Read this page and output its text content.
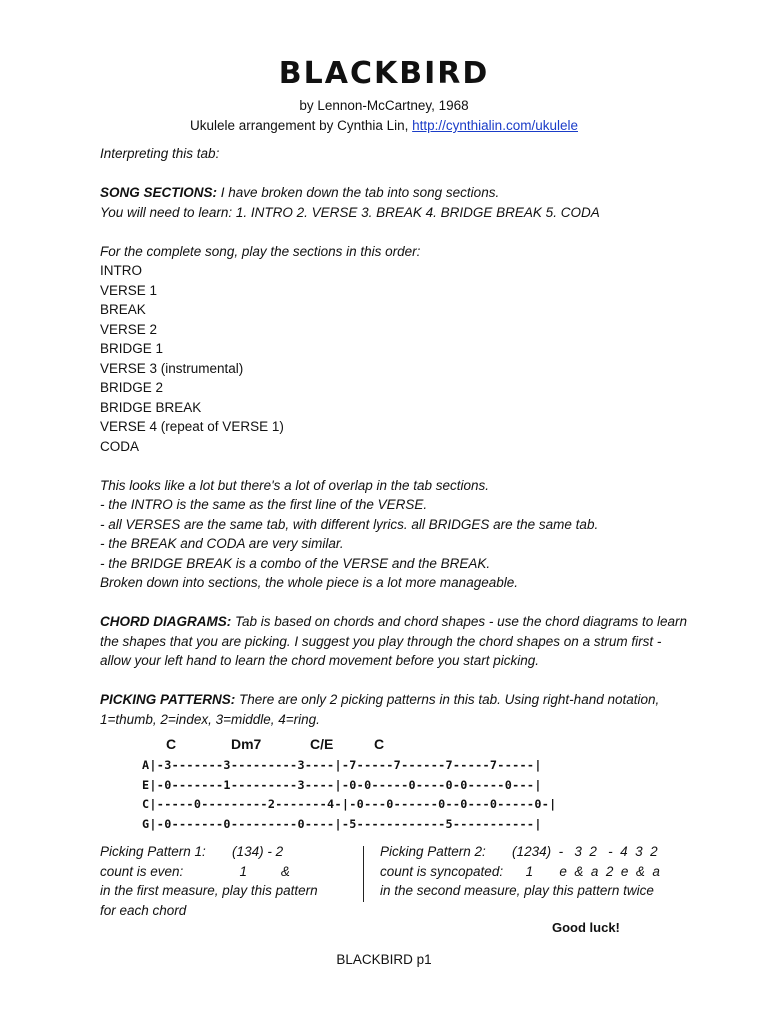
BLACKBIRD
by Lennon-McCartney, 1968
Ukulele arrangement by Cynthia Lin, http://cynthialin.com/ukulele
Interpreting this tab:
SONG SECTIONS: I have broken down the tab into song sections.
You will need to learn: 1. INTRO 2. VERSE 3. BREAK 4. BRIDGE BREAK 5. CODA
For the complete song, play the sections in this order:
INTRO
VERSE 1
BREAK
VERSE 2
BRIDGE 1
VERSE 3 (instrumental)
BRIDGE 2
BRIDGE BREAK
VERSE 4 (repeat of VERSE 1)
CODA
This looks like a lot but there's a lot of overlap in the tab sections.
- the INTRO is the same as the first line of the VERSE.
- all VERSES are the same tab, with different lyrics. all BRIDGES are the same tab.
- the BREAK and CODA are very similar.
- the BRIDGE BREAK is a combo of the VERSE and the BREAK.
Broken down into sections, the whole piece is a lot more manageable.
CHORD DIAGRAMS: Tab is based on chords and chord shapes - use the chord diagrams to learn
the shapes that you are picking. I suggest you play through the chord shapes on a strum first -
allow your left hand to learn the chord movement before you start picking.
PICKING PATTERNS: There are only 2 picking patterns in this tab. Using right-hand notation,
1=thumb, 2=index, 3=middle, 4=ring.
C	Dm7	C/E	C
A|-3-------3---------3----|-7-----7------7-----7-----|
E|-0-------1---------3----|-0-0-----0----0-0-----0---|
C|-----0---------2-------4-|-0---0------0--0---0-----0-|
G|-0-------0---------0----|-5------------5-----------|
Picking Pattern 1:       (134) - 2
count is even:               1         &
in the first measure, play this pattern
for each chord
Picking Pattern 2:       (1234)  -   3  2   -  4  3  2
count is syncopated:      1       e  &  a  2  e  &  a
in the second measure, play this pattern twice
Good luck!
BLACKBIRD p1
